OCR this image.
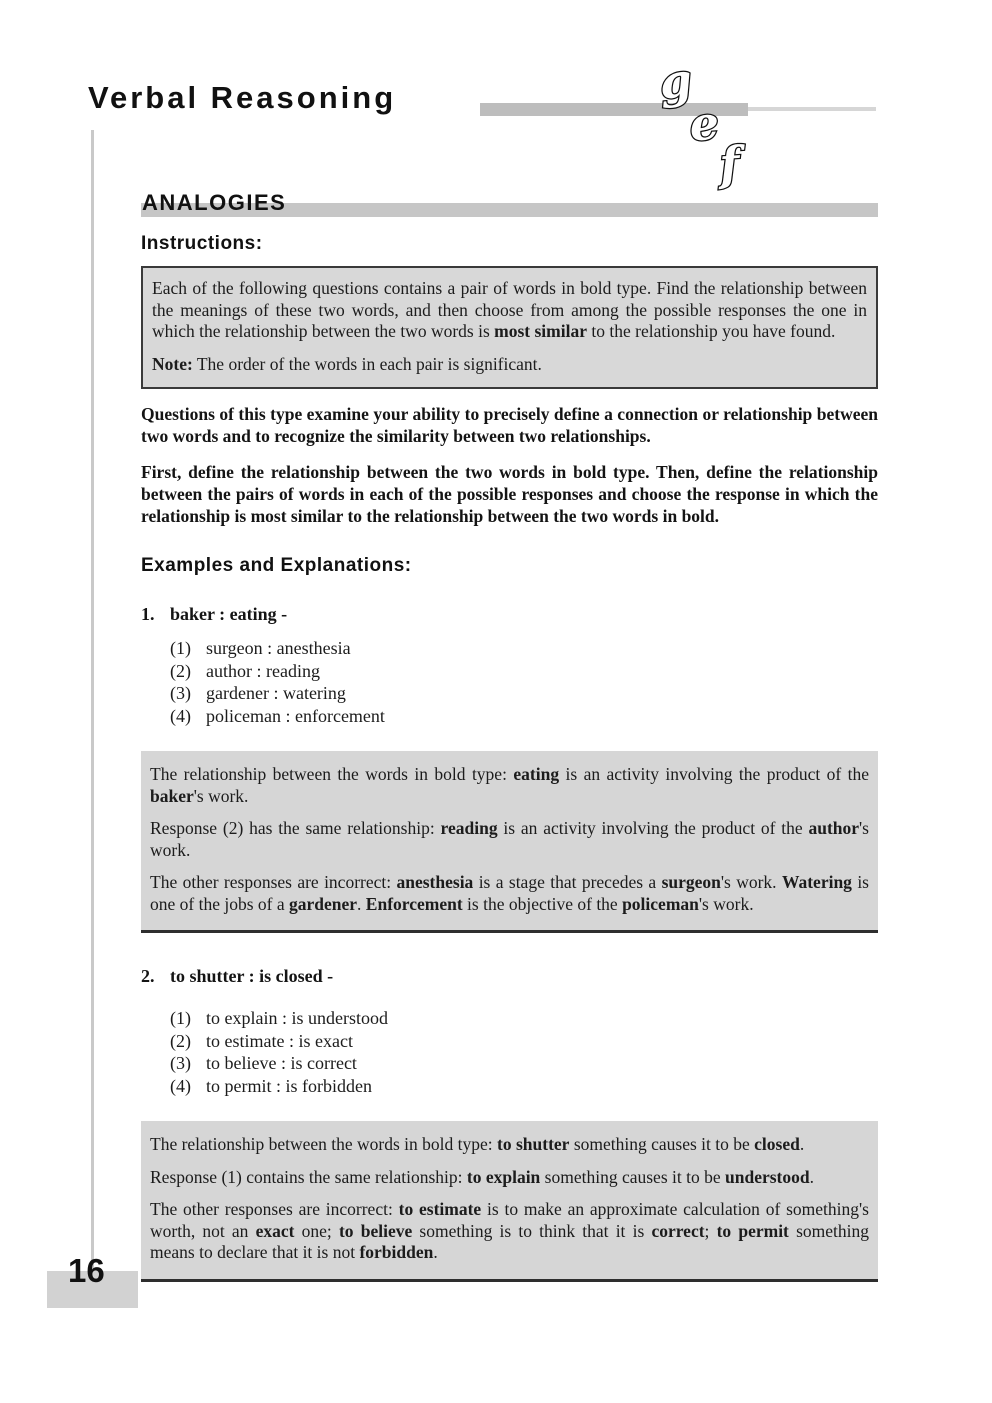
Verbal Reasoning	g
e
f
16
ANALOGIES
Instructions:

Each of the following questions contains a pair of words in bold type. Find the relationship between the meanings of these two words, and then choose from among the possible responses the one in which the relationship between the two words is most similar to the relationship you have found.

Note: The order of the words in each pair is significant.

Questions of this type examine your ability to precisely define a connection or relationship between two words and to recognize the similarity between two relationships.

First, define the relationship between the two words in bold type. Then, define the relationship between the pairs of words in each of the possible responses and choose the response in which the relationship is most similar to the relationship between the two words in bold.

Examples and Explanations:
1. baker : eating -
(1) surgeon : anesthesia
(2) author : reading
(3) gardener : watering
(4) policeman : enforcement

The relationship between the words in bold type: eating is an activity involving the product of the baker's work.

Response (2) has the same relationship: reading is an activity involving the product of the author's work.

The other responses are incorrect: anesthesia is a stage that precedes a surgeon's work. Watering is one of the jobs of a gardener. Enforcement is the objective of the policeman's work.

2. to shutter : is closed -
(1) to explain : is understood
(2) to estimate : is exact
(3) to believe : is correct
(4) to permit : is forbidden

The relationship between the words in bold type: to shutter something causes it to be closed.

Response (1) contains the same relationship: to explain something causes it to be understood.

The other responses are incorrect: to estimate is to make an approximate calculation of something's worth, not an exact one; to believe something is to think that it is correct; to permit something means to declare that it is not forbidden.
